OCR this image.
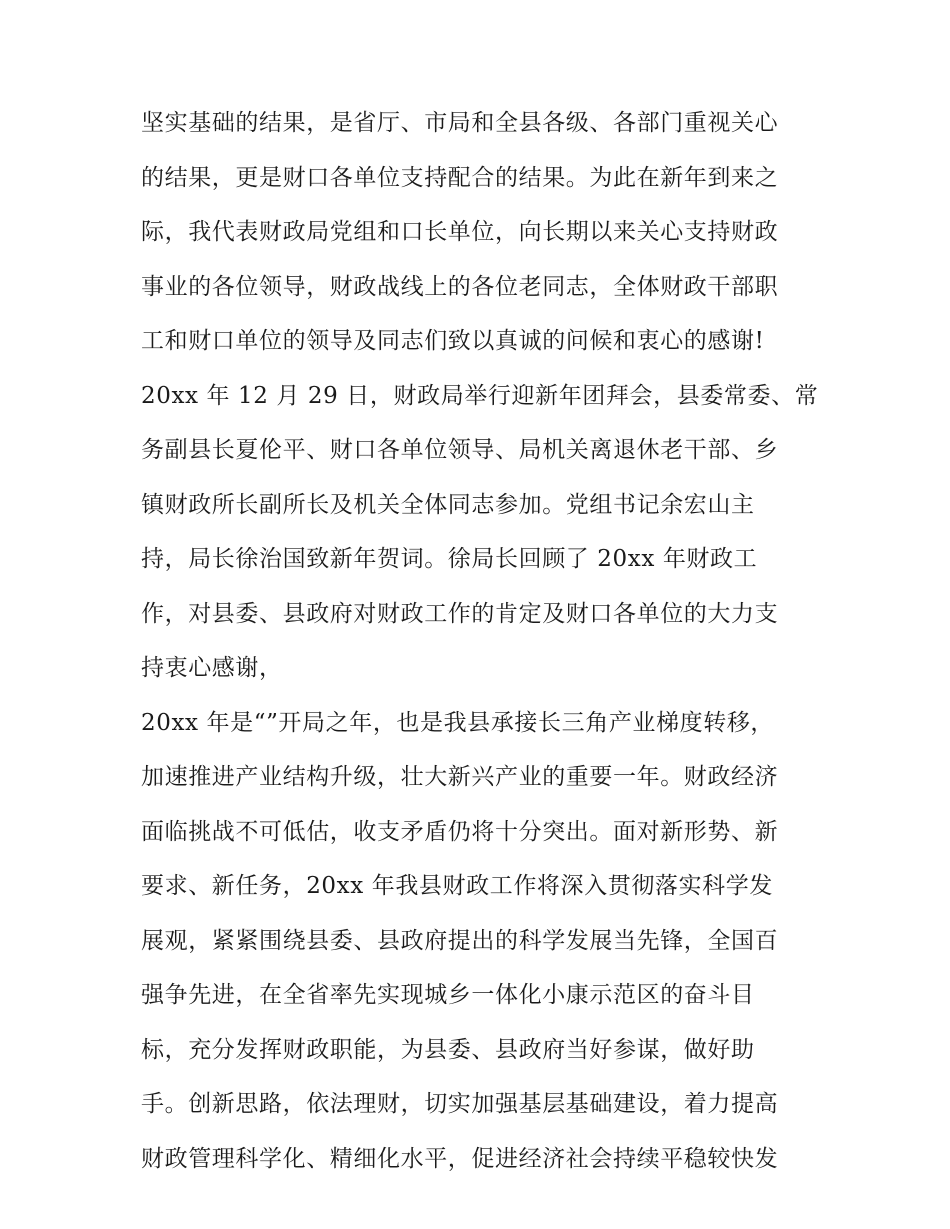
坚实基础的结果，是省厅、市局和全县各级、各部门重视关心
的结果，更是财口各单位支持配合的结果。为此在新年到来之
际，我代表财政局党组和口长单位，向长期以来关心支持财政
事业的各位领导，财政战线上的各位老同志，全体财政干部职
工和财口单位的领导及同志们致以真诚的问候和衷心的感谢!
20xx 年 12 月 29 日，财政局举行迎新年团拜会，县委常委、常
务副县长夏伦平、财口各单位领导、局机关离退休老干部、乡
镇财政所长副所长及机关全体同志参加。党组书记余宏山主
持，局长徐治国致新年贺词。徐局长回顾了 20xx 年财政工
作，对县委、县政府对财政工作的肯定及财口各单位的大力支
持衷心感谢，
20xx 年是“”开局之年，也是我县承接长三角产业梯度转移，
加速推进产业结构升级，壮大新兴产业的重要一年。财政经济
面临挑战不可低估，收支矛盾仍将十分突出。面对新形势、新
要求、新任务，20xx 年我县财政工作将深入贯彻落实科学发
展观，紧紧围绕县委、县政府提出的科学发展当先锋，全国百
强争先进，在全省率先实现城乡一体化小康示范区的奋斗目
标，充分发挥财政职能，为县委、县政府当好参谋，做好助
手。创新思路，依法理财，切实加强基层基础建设，着力提高
财政管理科学化、精细化水平，促进经济社会持续平稳较快发
